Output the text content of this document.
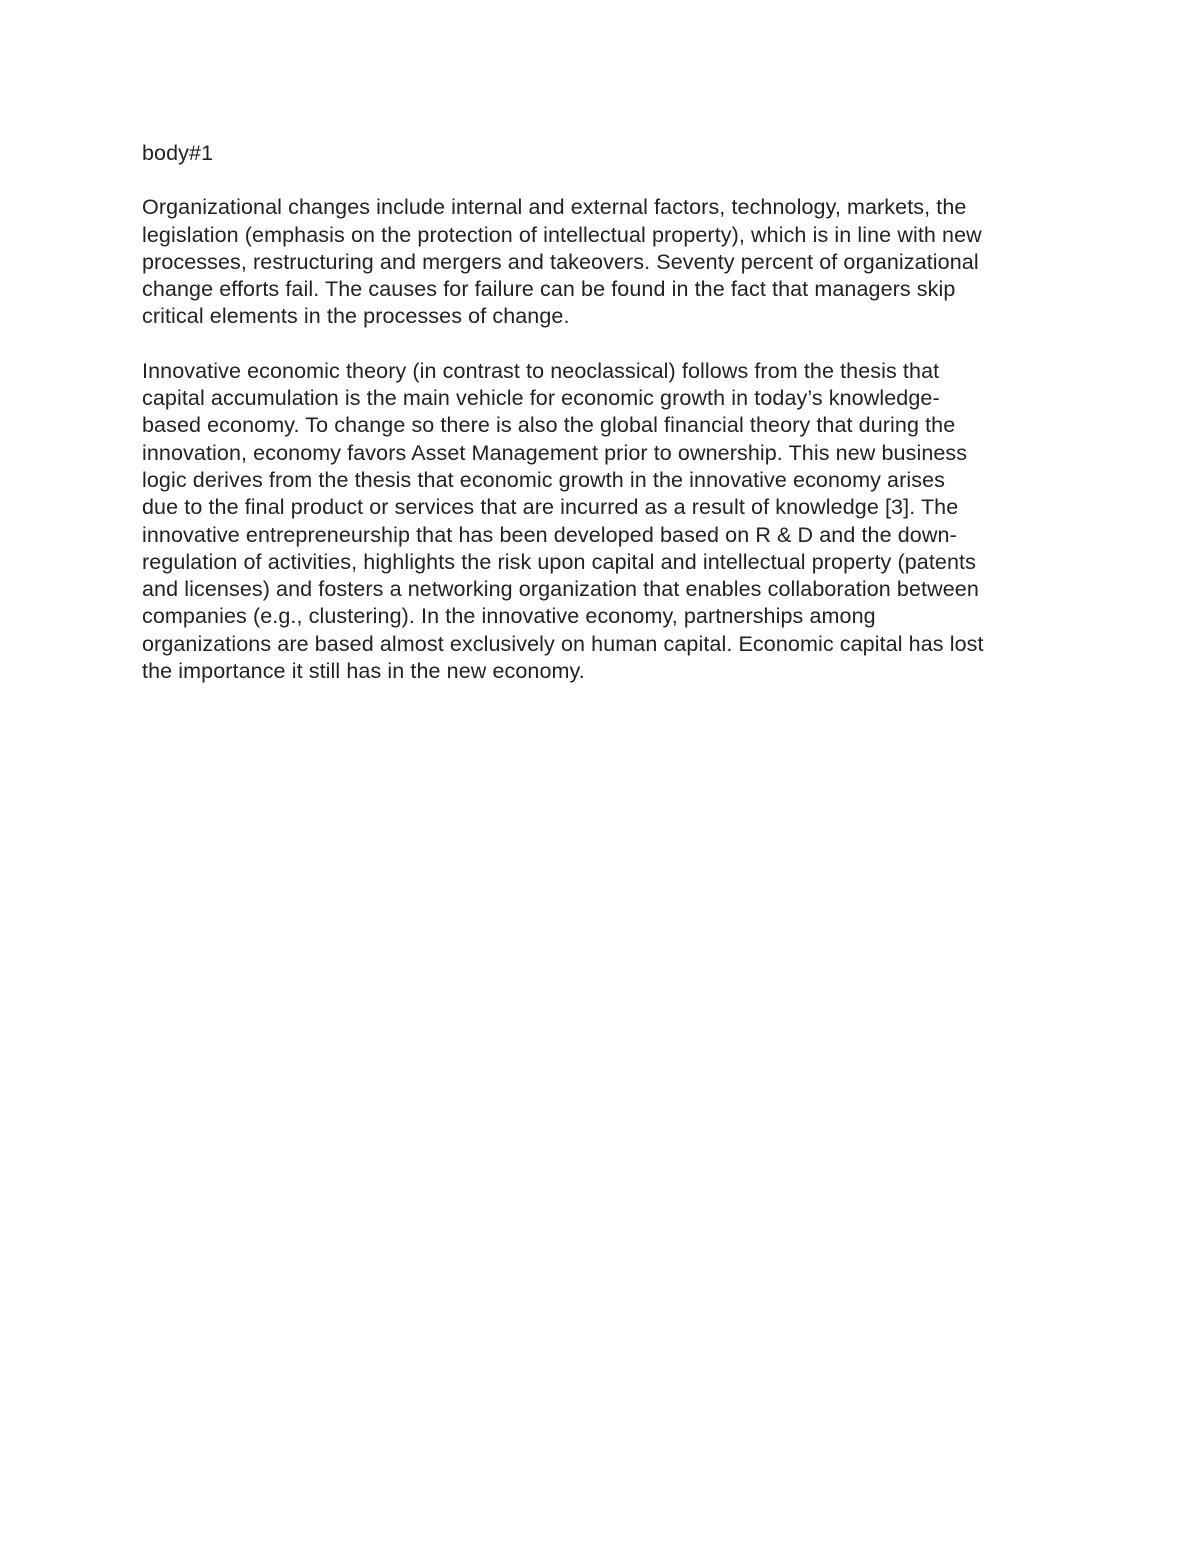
body#1
Organizational changes include internal and external factors, technology, markets, the
legislation (emphasis on the protection of intellectual property), which is in line with new
processes, restructuring and mergers and takeovers. Seventy percent of organizational
change efforts fail. The causes for failure can be found in the fact that managers skip
critical elements in the processes of change.
Innovative economic theory (in contrast to neoclassical) follows from the thesis that
capital accumulation is the main vehicle for economic growth in today’s knowledge-
based economy. To change so there is also the global financial theory that during the
innovation, economy favors Asset Management prior to ownership. This new business
logic derives from the thesis that economic growth in the innovative economy arises
due to the final product or services that are incurred as a result of knowledge [3]. The
innovative entrepreneurship that has been developed based on R & D and the down-
regulation of activities, highlights the risk upon capital and intellectual property (patents
and licenses) and fosters a networking organization that enables collaboration between
companies (e.g., clustering). In the innovative economy, partnerships among
organizations are based almost exclusively on human capital. Economic capital has lost
the importance it still has in the new economy.
